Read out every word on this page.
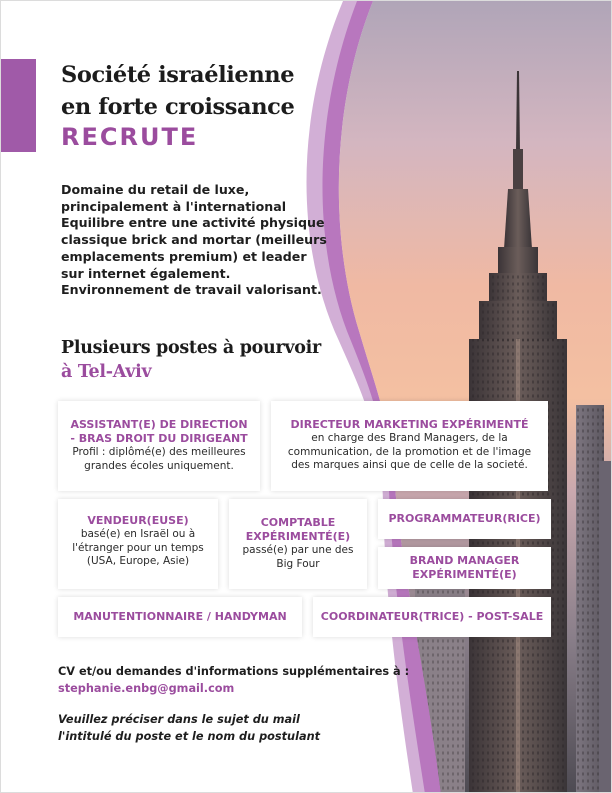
Société israélienne
en forte croissance
RECRUTE
Domaine du retail de luxe,
principalement à l'international
Equilibre entre une activité physique
classique brick and mortar (meilleurs
emplacements premium) et leader
sur internet également.
Environnement de travail valorisant.
Plusieurs postes à pourvoir
à Tel-Aviv
ASSISTANT(E) DE DIRECTION
- BRAS DROIT DU DIRIGEANT
Profil : diplômé(e) des meilleures
grandes écoles uniquement.
DIRECTEUR MARKETING EXPÉRIMENTÉ
en charge des Brand Managers, de la
communication, de la promotion et de l'image
des marques ainsi que de celle de la societé.
VENDEUR(EUSE)
basé(e) en Israël ou à
l'étranger pour un temps
(USA, Europe, Asie)
COMPTABLE
EXPÉRIMENTÉ(E)
passé(e) par une des
Big Four
PROGRAMMATEUR(RICE)
BRAND MANAGER
EXPÉRIMENTÉ(E)
MANUTENTIONNAIRE / HANDYMAN	COORDINATEUR(TRICE) - POST-SALE
CV et/ou demandes d'informations supplémentaires à :
stephanie.enbg@gmail.com
Veuillez préciser dans le sujet du mail
l'intitulé du poste et le nom du postulant
